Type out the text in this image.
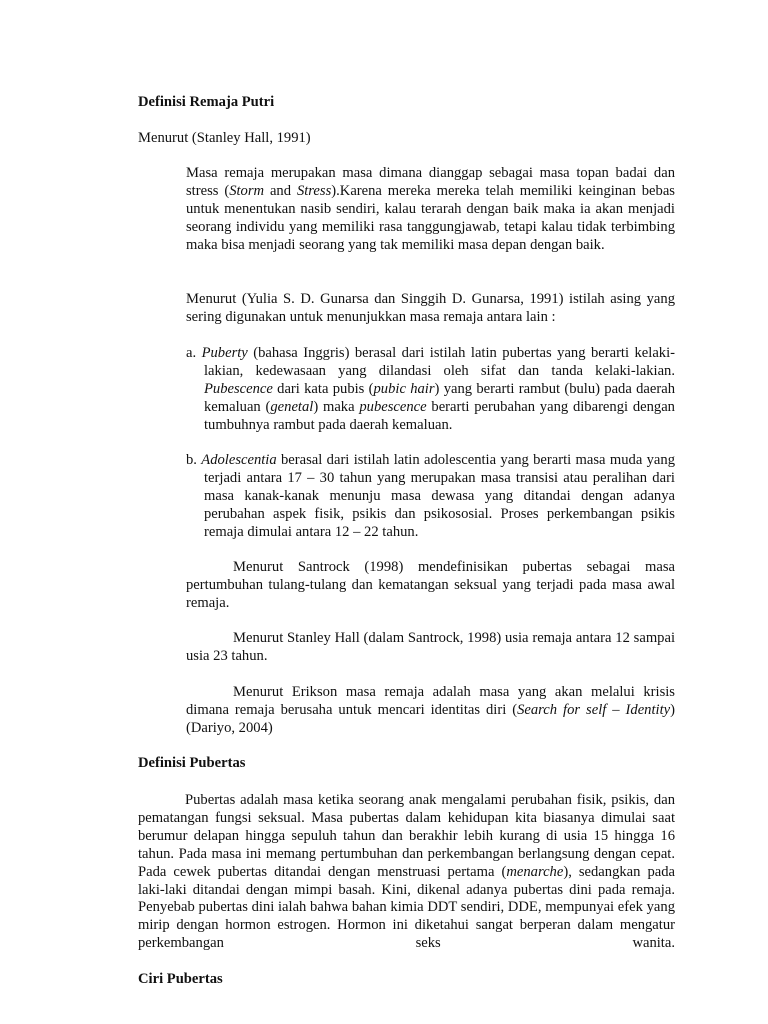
Definisi Remaja Putri

Menurut (Stanley Hall, 1991)

Masa remaja merupakan masa dimana dianggap sebagai masa topan badai dan stress (Storm and Stress).Karena mereka mereka telah memiliki keinginan bebas untuk menentukan nasib sendiri, kalau terarah dengan baik maka ia akan menjadi seorang individu yang memiliki rasa tanggungjawab, tetapi kalau tidak terbimbing maka bisa menjadi seorang yang tak memiliki masa depan dengan baik.

Menurut (Yulia S. D. Gunarsa dan Singgih D. Gunarsa, 1991) istilah asing yang sering digunakan untuk menunjukkan masa remaja antara lain :

a. Puberty (bahasa Inggris) berasal dari istilah latin pubertas yang berarti kelaki-lakian, kedewasaan yang dilandasi oleh sifat dan tanda kelaki-lakian. Pubescence dari kata pubis (pubic hair) yang berarti rambut (bulu) pada daerah kemaluan (genetal) maka pubescence berarti perubahan yang dibarengi dengan tumbuhnya rambut pada daerah kemaluan.

b. Adolescentia berasal dari istilah latin adolescentia yang berarti masa muda yang terjadi antara 17 – 30 tahun yang merupakan masa transisi atau peralihan dari masa kanak-kanak menunju masa dewasa yang ditandai dengan adanya perubahan aspek fisik, psikis dan psikososial. Proses perkembangan psikis remaja dimulai antara 12 – 22 tahun.

Menurut Santrock (1998) mendefinisikan pubertas sebagai masa pertumbuhan tulang-tulang dan kematangan seksual yang terjadi pada masa awal remaja.

Menurut Stanley Hall (dalam Santrock, 1998) usia remaja antara 12 sampai usia 23 tahun.

Menurut Erikson masa remaja adalah masa yang akan melalui krisis dimana remaja berusaha untuk mencari identitas diri (Search for self – Identity) (Dariyo, 2004)

Definisi Pubertas

Pubertas adalah masa ketika seorang anak mengalami perubahan fisik, psikis, dan pematangan fungsi seksual. Masa pubertas dalam kehidupan kita biasanya dimulai saat berumur delapan hingga sepuluh tahun dan berakhir lebih kurang di usia 15 hingga 16 tahun. Pada masa ini memang pertumbuhan dan perkembangan berlangsung dengan cepat. Pada cewek pubertas ditandai dengan menstruasi pertama (menarche), sedangkan pada laki-laki ditandai dengan mimpi basah. Kini, dikenal adanya pubertas dini pada remaja. Penyebab pubertas dini ialah bahwa bahan kimia DDT sendiri, DDE, mempunyai efek yang mirip dengan hormon estrogen. Hormon ini diketahui sangat berperan dalam mengatur perkembangan seks wanita.

Ciri Pubertas
